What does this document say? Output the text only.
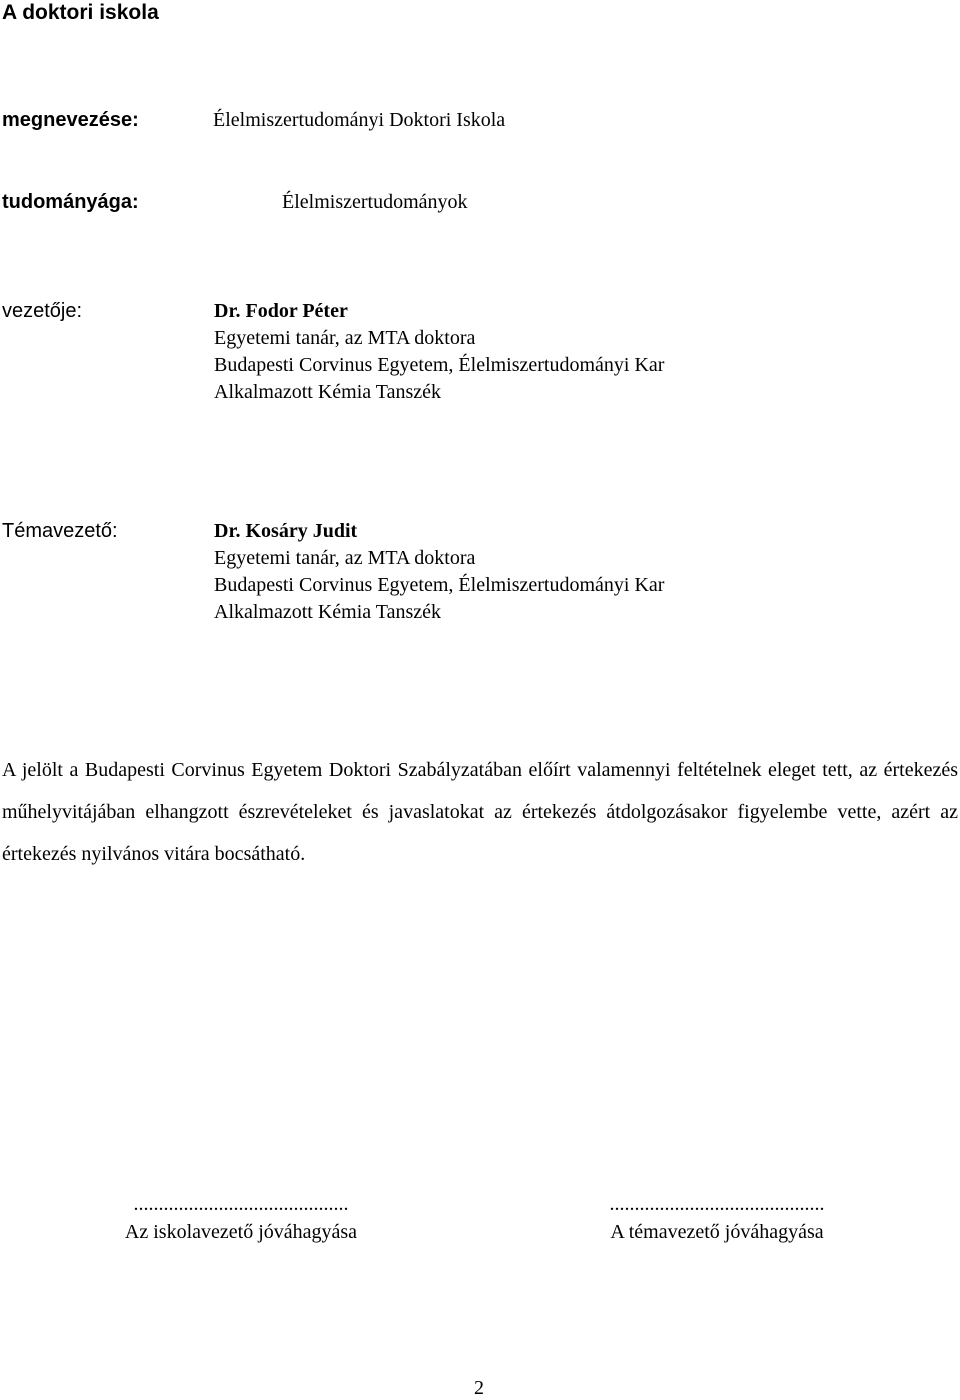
A doktori iskola
megnevezése:	Élelmiszertudományi Doktori Iskola
tudományága:	Élelmiszertudományok
vezetője:	Dr. Fodor Péter
Egyetemi tanár, az MTA doktora
Budapesti Corvinus Egyetem, Élelmiszertudományi Kar
Alkalmazott Kémia Tanszék
Témavezető:	Dr. Kosáry Judit
Egyetemi tanár, az MTA doktora
Budapesti Corvinus Egyetem, Élelmiszertudományi Kar
Alkalmazott Kémia Tanszék
A jelölt a Budapesti Corvinus Egyetem Doktori Szabályzatában előírt valamennyi feltételnek eleget tett, az értekezés műhelyvitájában elhangzott észrevételeket és javaslatokat az értekezés átdolgozásakor figyelembe vette, azért az értekezés nyilvános vitára bocsátható.
...........................................
Az iskolavezető jóváhagyása
...........................................
A témavezető jóváhagyása
2
